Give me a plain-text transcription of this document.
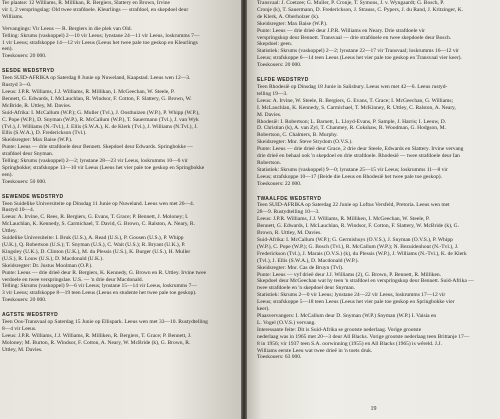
Ter plaatse: 12 Williams, R. Millikan, R. Bergiers, Slattery en Brown, Irvine
vir 1, 2 verspringslag: Old twee strafdoele. Kleurlings — strafdoel, en skepdoel deur
Williams.
Vervangings: Vir Leeus — R. Bergiers in die plek van Old.
Telling: Skrums (vaskoppel) 2—10 vir Leeus; lynstane 24—11 vir Leeus, loskrumms 7—
1 vir Leeus; strafskoppe 14—12 vir Leeus (Leeus het twee pale toe geskop en Kleurlings
een).
Toeskouers: 20 000.
SESDE WEDSTRYD
Teen SUID-AFRIKA op Saterdag 8 Junie op Nuweland, Kaapstad. Leeus wen 12—3.
Rustyd 3—0.
Leeus: J.P.R. Williams, J.J. Williams, R. Millikan, I. McGeechan, W. Steele, P.
Bennett, G. Edwards, I. McLauchlan, R. Windsor, F. Cotton, F. Slattery, G. Brown, W.
McBride, R. Uttley, M. Davies.
Suid-Afrika: I. McCallum (W.P.); G. Muller (Tvl.), J. Oosthuizen (W.P.), P. Whipp (W.P.),
C. Pope (W.P.), D. Snyman (W.P.), R. McCallum (W.P.), T. Sauermann (Tvl.), J. van Wyk
(Tvl.), J. Williams (N.-Tvl.), J. Ellis (S.W.A.), K. de Klerk (Tvl.), J. Williams (N.Tvl.), J.
Ellis (S.W.A.), D. Frederickson (Tvl.).
Skeidsregter: Max Baise (W.P.).
Punte: Leeus — drie strafdoele deur Bennett. Skepdoel deur Edwards. Springbokke —
strafdoel deur Snyman.
Telling: Skrums (vaskoppel) 2—2; lynstane 28—23 vir Leeus, loskrumms 10—6 vir
Springbokke; strafskoppe 13—10 vir Leeus (Leeus het vier pale toe geskop en Springbokke
een).
Toeskouers: 50 000.
SEWENDE WEDSTRYD
Teen Suidelike Universiteite op Dinsdag 11 Junie op Nuweland. Leeus wen met 26—4.
Rustyd 10—4.
Leeus: A. Irvine, C. Rees, R. Bergiers, G. Evans, T. Grace; P. Bennett, J. Moloney; I.
McLauchlan, K. Kennedy, S. Carmichael, T. David, G. Brown, C. Ralston, A. Neary, R.
Uttley.
Suidelike Universiteite: I. Bruk (U.S.), A. Read (U.S.), P. Goosen (U.S.), P. Whipp
(U.K.), Q. Robertson (U.S.); T. Snyman (U.S.), C. Wait (U.S.); R. Bryant (U.K.), P.
Kingsley (U.K.), D. Clinton (U.K.), M. du Plessis (U.S.), K. Burger (U.S.), H. Muller
(U.S.), R. Louw (U.S.), D. Macdonald (U.K.).
Skeidsregter: Dr. Justus Moolman (O.P.).
Punte: Leeus — drie drieë deur R. Bergiers, K. Kennedy, G. Brown en R. Uttley. Irvine twee
verdoele en twee verspringslae. U.S. — 'n drie deur Macdonald.
Telling: Skrums (vaskoppel) 9—6 vir Leeus; lynstane 15—14 vir Leeus, loskrumms 7—
3 vir Leeus; strafskoppe 8—19 teen Leeus (Leeus en studente het twee pale toe geskop).
Toeskouers: 20 000.
AGTSTE WEDSTRYD
Teen Oos-Transvaal op Saterdag 15 Junie op Ellispark. Leeus wen met 33—10. Rustydtelling
8—4 vir Leeus.
Leeus: J.P.R. Williams, J.J. Williams, R. Milliken, R. Bergiers, T. Grace; P. Bennett, J.
Moloney; M. Burton, R. Windsor, F. Cotton, A. Neary, W. McBride (k), G. Brown, R.
Uttley, M. Davies.
Transvaal: J. Coetzee; G. Muller, P. Cronje, T. Symons, J. v. Wyngaardt; G. Bosch, P.
Cronje (k), T. Sauermann, D. Frederickson, J. Strauss, C. Pypers, J. du Rand, J. Kritzinger, K.
de Klerk, A. Oberholzer (k).
Skeidsregter: Max Baise (W.P.).
Punte: Leeus — drie drieë deur J.P.R. Williams en Neary. Drie strafdoele vir
verspringskop deur Bennett. Transvaal — drie strafdoele en twee skepdoele deur Bosch.
Skepdoel: geen.
Statistiek: Skrums (vaskoppel) 2—2; lynstane 22—17 vir Transvaal; loskrumms 16—12 vir
Leeus; strafskoppe 6—14 teen Leeus (Leeus het vier pale toe geskop en Transvaal vier keer).
Toeskouers: 20 000.
ELFDE WEDSTRYD
Teen Rhodesië op Dinsdag 18 Junie in Salisbury. Leeus wen met 42—6. Leeus rustyd-
telling 19—3.
Leeus: A. Irvine, W. Steele, R. Bergiers, G. Evans, T. Grace; I. McGeechan, G. Williams;
I. McLauchlan, K. Kennedy, S. Carmichael, T. McKinney, R. Uttley, C. Ralston, A. Neary,
M. Davies.
Rhodesië: I. Robertson; L. Barnett, L. Lloyd-Evans, P. Sample, J. Harris; I. Leeuw, D.
D. Christian (k), A. van Zyl, T. Chanmey, R. Cokshaw, R. Woodman, G. Hodgson, M.
Robertson, C. Chalmers, B. Murphy.
Skeidsregter: Mnr. Steve Strydom (O.V.S.).
Punte: Leeus — drie drieë deur Grace, 2 drie deur Steele, Edwards en Slattery. Irvine vervang
drie drieë en behaal ook 'n skepdoel en drie strafdoele. Rhodesië — twee strafdoele deur Ian
Robertson.
Statistiek: Skrums (vaskoppel) 9—0; lynstane 25—15 vir Leeus; loskrumms 11—8 vir
Leeus; strafskoppe 10—17 (Beide die Leeus en Rhodesië het twee pale toe geskop).
Toeskouers: 22 000.
TWAALFDE WEDSTRYD
Teen SUID-AFRIKA op Saterdag 22 Junie op Loftus Versfeld, Pretoria. Leeus wen met
28—9. Rustydtelling 10—3.
Leeus: J.P.R. Williams, J.J. Williams, R. Milliken, I. McGeechan, W. Steele, P.
Bennett, G. Edwards, I. McLauchlan, R. Windsor, F. Cotton, F. Slattery, W. McBride (k), G.
Brown, R. Uttley, M. Davies.
Suid-Afrika: I. McCallum (W.P.); G. Germishuys (O.V.S.), J. Snyman (O.V.S.), P. Whipp
(W.P.), C. Pope (W.P.); G. Bosch (Tvl.), R. McCallum (W.P.); N. Bezuidenhout (N.-Tvl.), J.
Frederickson (Tvl.), J. Marais (O.V.S.) (k), du Plessis (W.P.), J. Williams (N.-Tvl.), K. de Klerk
(Tvl.), J. Ellis (S.W.A.), D. Macdonald (W.P.).
Skeidsregter: Mnr. Cas de Bruyn (Tvl).
Punte: Leeus — vyf drieë deur J.J. Williams (2), G. Brown, P. Bennett, R. Milliken.
Skepdoel deur McGeechan wat hy teen 'n strafdoel en verspringskop deur Bennett. Suid-Afrika —
twee strafdoele en 'n skepdoel deur Snyman.
Statistiek: Skrums 2—0 vir Leeus; lynstane 24—22 vir Leeus, loskrumms 17—12 vir
Leeus; strafskoppe 5—18 teen Leeus (Leeus het vier pale toe geskop en Springbokke vier
keer).
Plaasvervangers: I. McCallum deur D. Snyman (W.P.) Snyman (W.P.) I. Vaisia en
L. Vogel (O.V.S.) vervang.
Interessante feite: Dit is Suid-Afrika se grootste nederlaag. Vorige grootste
nederlaag was in 1965 met 20—3 deur All Blacks. Vorige grootste nederlaag teen Brittanje 17—
8 in 1956; vir 1937 teen S.A. oorwinning (1955) en All Blacks (1965) is wêreld. J.J.
Williams eerste Leeu wat twee drieë in 'n toets druk.
Toeskouers: 63 000.
19
